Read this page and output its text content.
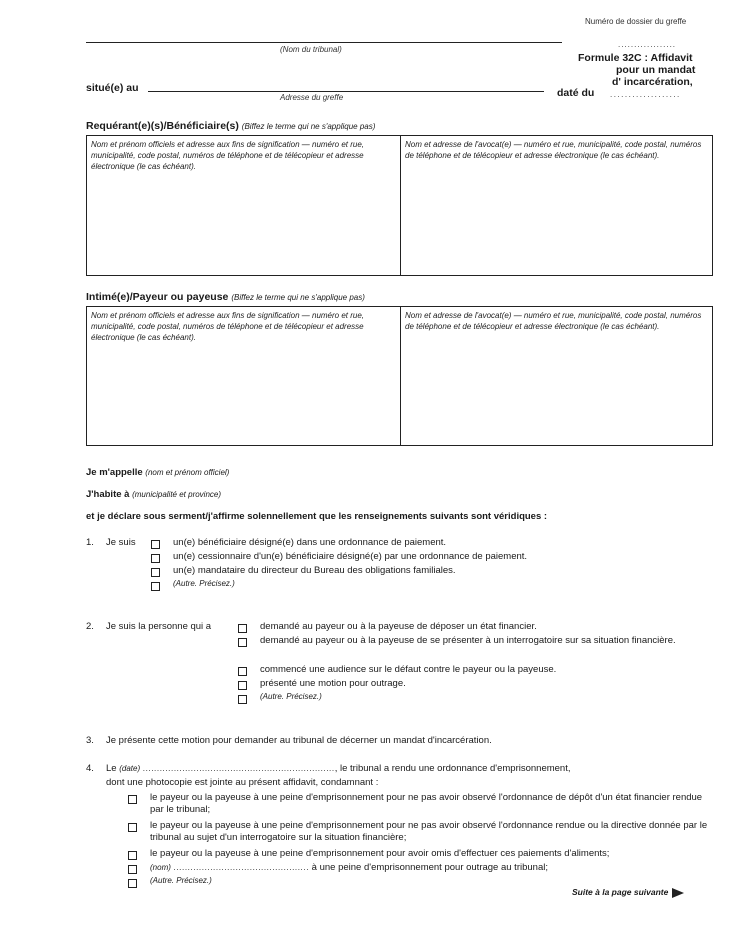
Numéro de dossier du greffe
..................
(Nom du tribunal)
Formule 32C : Affidavit
pour un mandat
d' incarcération,
situé(e) au
Adresse du greffe	daté du ...................
Requérant(e)(s)/Bénéficiaire(s) (Biffez le terme qui ne s'applique pas)
Nom et prénom officiels et adresse aux fins de signification — numéro et rue, municipalité, code postal, numéros de téléphone et de télécopieur et adresse électronique (le cas échéant).
Nom et adresse de l'avocat(e) — numéro et rue, municipalité, code postal, numéros de téléphone et de télécopieur et adresse électronique (le cas échéant).
Intimé(e)/Payeur ou payeuse (Biffez le terme qui ne s'applique pas)
Nom et prénom officiels et adresse aux fins de signification — numéro et rue, municipalité, code postal, numéros de téléphone et de télécopieur et adresse électronique (le cas échéant).
Nom et adresse de l'avocat(e) — numéro et rue, municipalité, code postal, numéros de téléphone et de télécopieur et adresse électronique (le cas échéant).
Je m'appelle (nom et prénom officiel)
J'habite à (municipalité et province)
et je déclare sous serment/j'affirme solennellement que les renseignements suivants sont véridiques :
1. Je suis	un(e) bénéficiaire désigné(e) dans une ordonnance de paiement.
un(e) cessionnaire d'un(e) bénéficiaire désigné(e) par une ordonnance de paiement.
un(e) mandataire du directeur du Bureau des obligations familiales.
(Autre. Précisez.)
2. Je suis la personne qui a	demandé au payeur ou à la payeuse de déposer un état financier.
demandé au payeur ou à la payeuse de se présenter à un interrogatoire sur sa situation financière.
commencé une audience sur le défaut contre le payeur ou la payeuse.
présenté une motion pour outrage.
(Autre. Précisez.)
3. Je présente cette motion pour demander au tribunal de décerner un mandat d'incarcération.
4. Le (date) ...................................................................., le tribunal a rendu une ordonnance d'emprisonnement,
dont une photocopie est jointe au présent affidavit, condamnant :
le payeur ou la payeuse à une peine d'emprisonnement pour ne pas avoir observé l'ordonnance de dépôt d'un état financier rendue par le tribunal;
le payeur ou la payeuse à une peine d'emprisonnement pour ne pas avoir observé l'ordonnance rendue ou la directive donnée par le tribunal au sujet d'un interrogatoire sur la situation financière;
le payeur ou la payeuse à une peine d'emprisonnement pour avoir omis d'effectuer ces paiements d'aliments;
(nom) ................................................ à une peine d'emprisonnement pour outrage au tribunal;
(Autre. Précisez.)
Suite à la page suivante
